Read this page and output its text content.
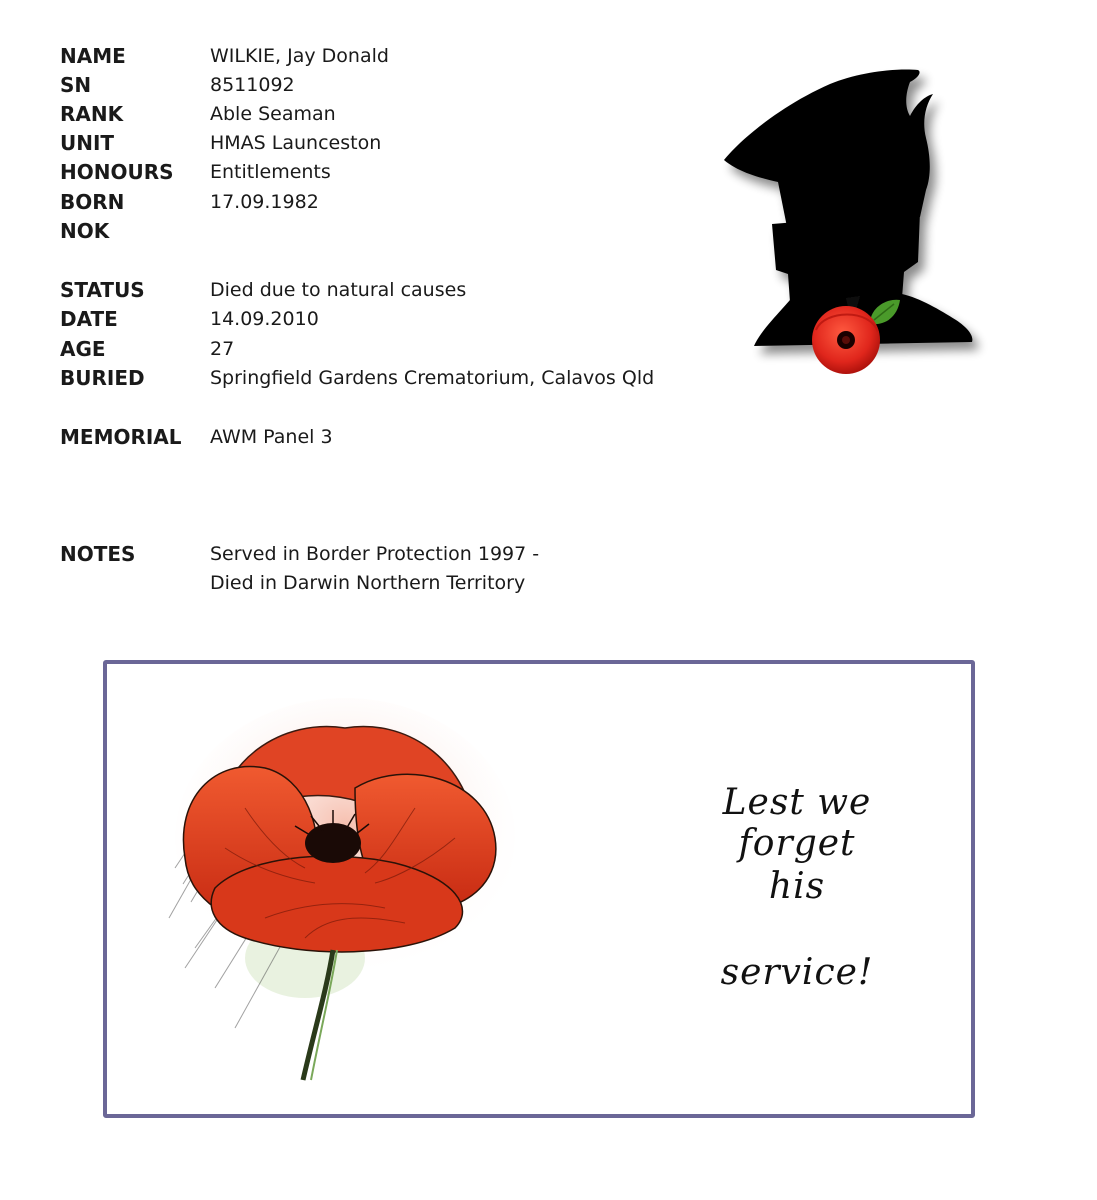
NAME	WILKIE, Jay Donald
SN	8511092
RANK	Able Seaman
UNIT	HMAS Launceston
HONOURS Entitlements
BORN	17.09.1982
NOK
STATUS	Died due to natural causes
DATE	14.09.2010
AGE	27
BURIED	Springfield Gardens Crematorium, Calavos Qld
MEMORIAL AWM Panel 3
NOTES	Served in Border Protection 1997 -
Died in Darwin Northern Territory
Lest we forget
his
service!
